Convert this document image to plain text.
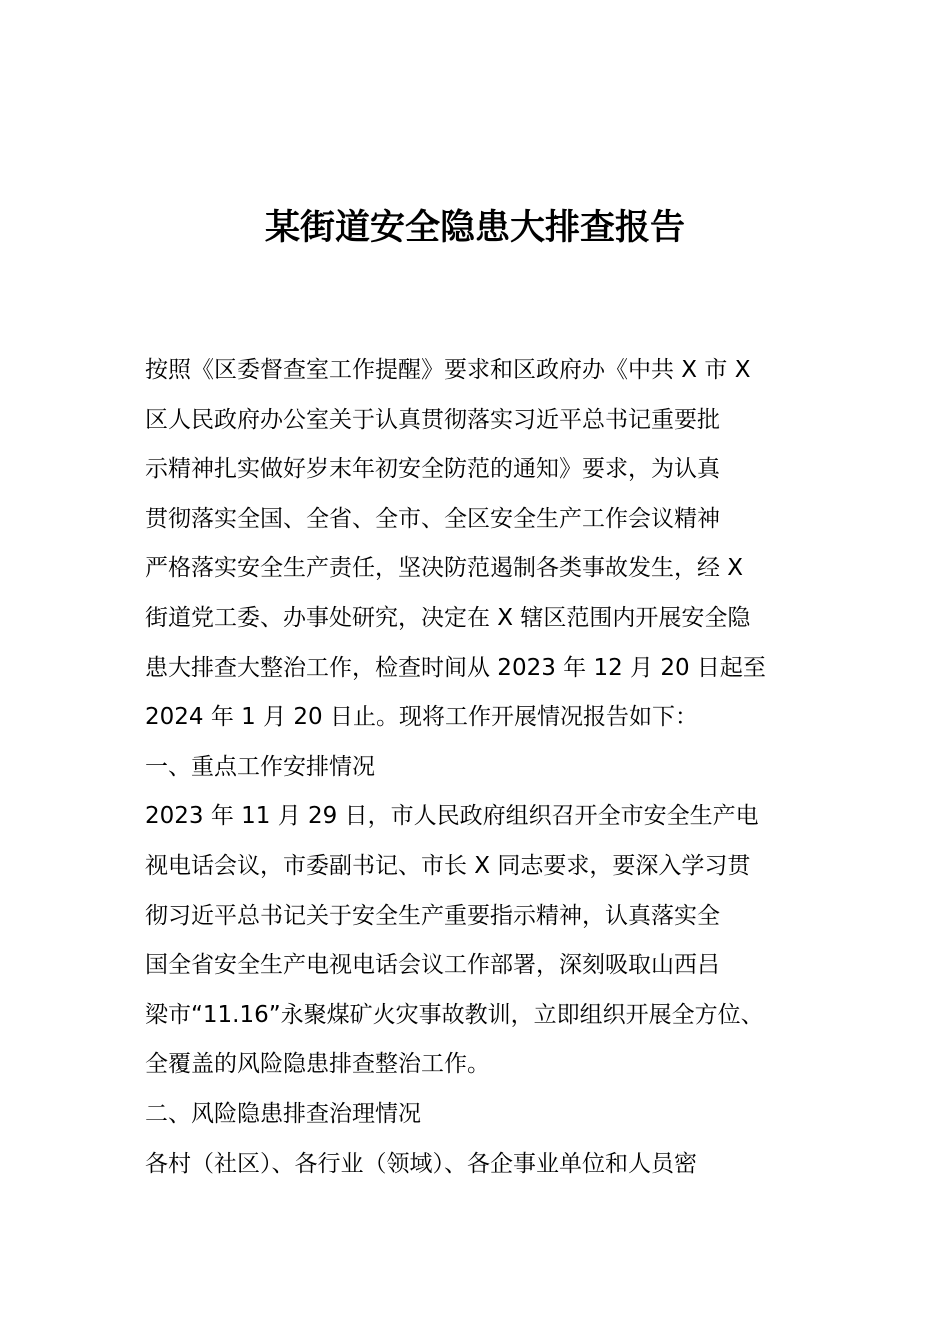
某街道安全隐患大排查报告
按照《区委督查室工作提醒》要求和区政府办《中共 X 市 X
区人民政府办公室关于认真贯彻落实习近平总书记重要批
示精神扎实做好岁末年初安全防范的通知》要求，为认真
贯彻落实全国、全省、全市、全区安全生产工作会议精神
严格落实安全生产责任，坚决防范遏制各类事故发生，经 X
街道党工委、办事处研究，决定在 X 辖区范围内开展安全隐
患大排查大整治工作，检查时间从 2023 年 12 月 20 日起至
2024 年 1 月 20 日止。现将工作开展情况报告如下：
一、重点工作安排情况
2023 年 11 月 29 日，市人民政府组织召开全市安全生产电
视电话会议，市委副书记、市长 X 同志要求，要深入学习贯
彻习近平总书记关于安全生产重要指示精神，认真落实全
国全省安全生产电视电话会议工作部署，深刻吸取山西吕
梁市“11.16”永聚煤矿火灾事故教训，立即组织开展全方位、
全覆盖的风险隐患排查整治工作。
二、风险隐患排查治理情况
各村（社区）、各行业（领域）、各企事业单位和人员密
